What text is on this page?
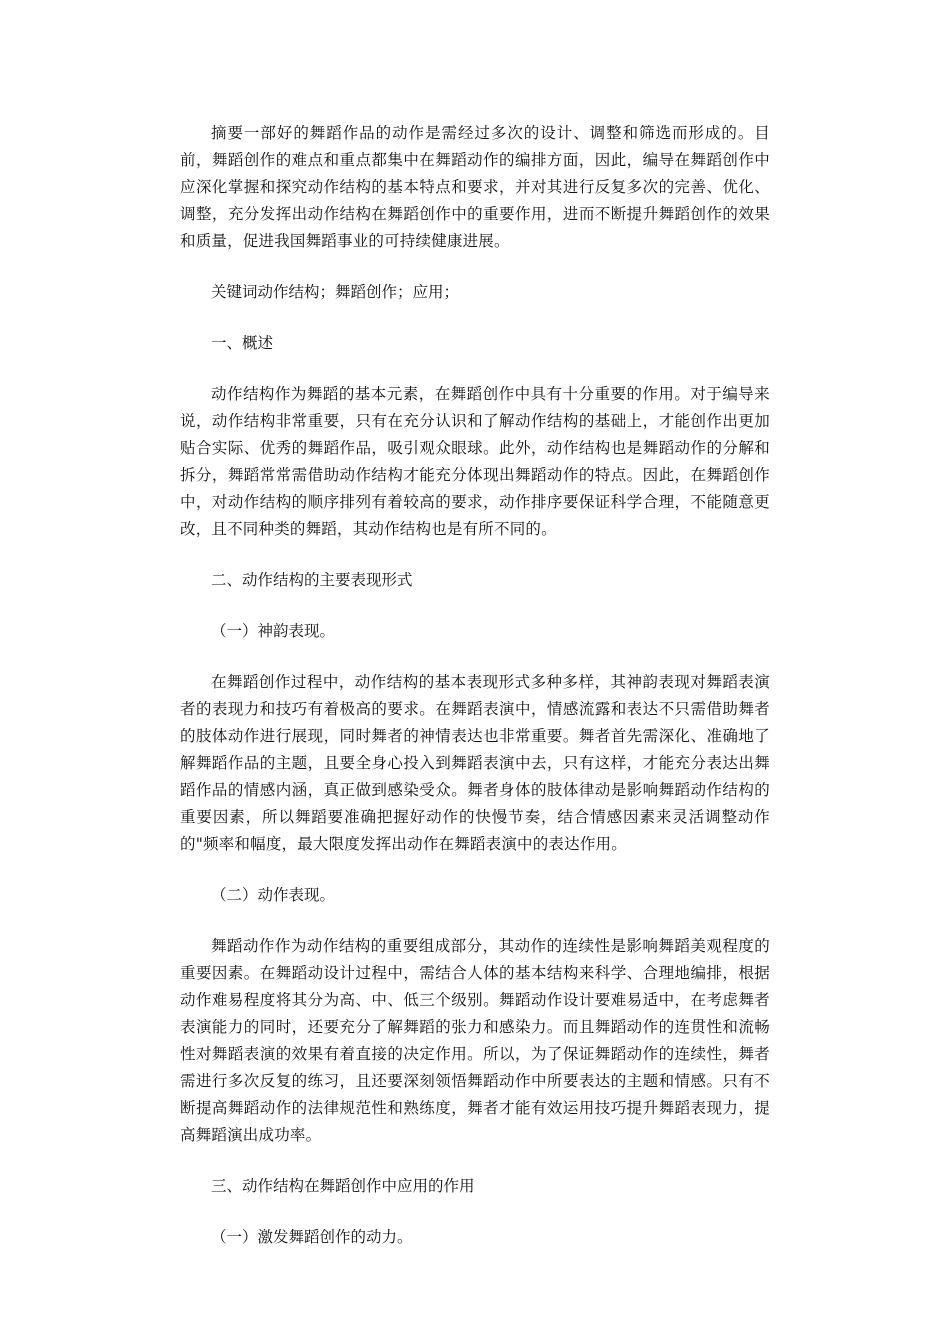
摘要一部好的舞蹈作品的动作是需经过多次的设计、调整和筛选而形成的。目前，舞蹈创作的难点和重点都集中在舞蹈动作的编排方面，因此，编导在舞蹈创作中应深化掌握和探究动作结构的基本特点和要求，并对其进行反复多次的完善、优化、调整，充分发挥出动作结构在舞蹈创作中的重要作用，进而不断提升舞蹈创作的效果和质量，促进我国舞蹈事业的可持续健康进展。

关键词动作结构；舞蹈创作；应用；

一、概述

动作结构作为舞蹈的基本元素，在舞蹈创作中具有十分重要的作用。对于编导来说，动作结构非常重要，只有在充分认识和了解动作结构的基础上，才能创作出更加贴合实际、优秀的舞蹈作品，吸引观众眼球。此外，动作结构也是舞蹈动作的分解和拆分，舞蹈常常需借助动作结构才能充分体现出舞蹈动作的特点。因此，在舞蹈创作中，对动作结构的顺序排列有着较高的要求，动作排序要保证科学合理，不能随意更改，且不同种类的舞蹈，其动作结构也是有所不同的。

二、动作结构的主要表现形式

（一）神韵表现。

在舞蹈创作过程中，动作结构的基本表现形式多种多样，其神韵表现对舞蹈表演者的表现力和技巧有着极高的要求。在舞蹈表演中，情感流露和表达不只需借助舞者的肢体动作进行展现，同时舞者的神情表达也非常重要。舞者首先需深化、准确地了解舞蹈作品的主题，且要全身心投入到舞蹈表演中去，只有这样，才能充分表达出舞蹈作品的情感内涵，真正做到感染受众。舞者身体的肢体律动是影响舞蹈动作结构的重要因素，所以舞蹈要准确把握好动作的快慢节奏，结合情感因素来灵活调整动作的"频率和幅度，最大限度发挥出动作在舞蹈表演中的表达作用。

（二）动作表现。

舞蹈动作作为动作结构的重要组成部分，其动作的连续性是影响舞蹈美观程度的重要因素。在舞蹈动设计过程中，需结合人体的基本结构来科学、合理地编排，根据动作难易程度将其分为高、中、低三个级别。舞蹈动作设计要难易适中，在考虑舞者表演能力的同时，还要充分了解舞蹈的张力和感染力。而且舞蹈动作的连贯性和流畅性对舞蹈表演的效果有着直接的决定作用。所以，为了保证舞蹈动作的连续性，舞者需进行多次反复的练习，且还要深刻领悟舞蹈动作中所要表达的主题和情感。只有不断提高舞蹈动作的法律规范性和熟练度，舞者才能有效运用技巧提升舞蹈表现力，提高舞蹈演出成功率。

三、动作结构在舞蹈创作中应用的作用

（一）激发舞蹈创作的动力。
